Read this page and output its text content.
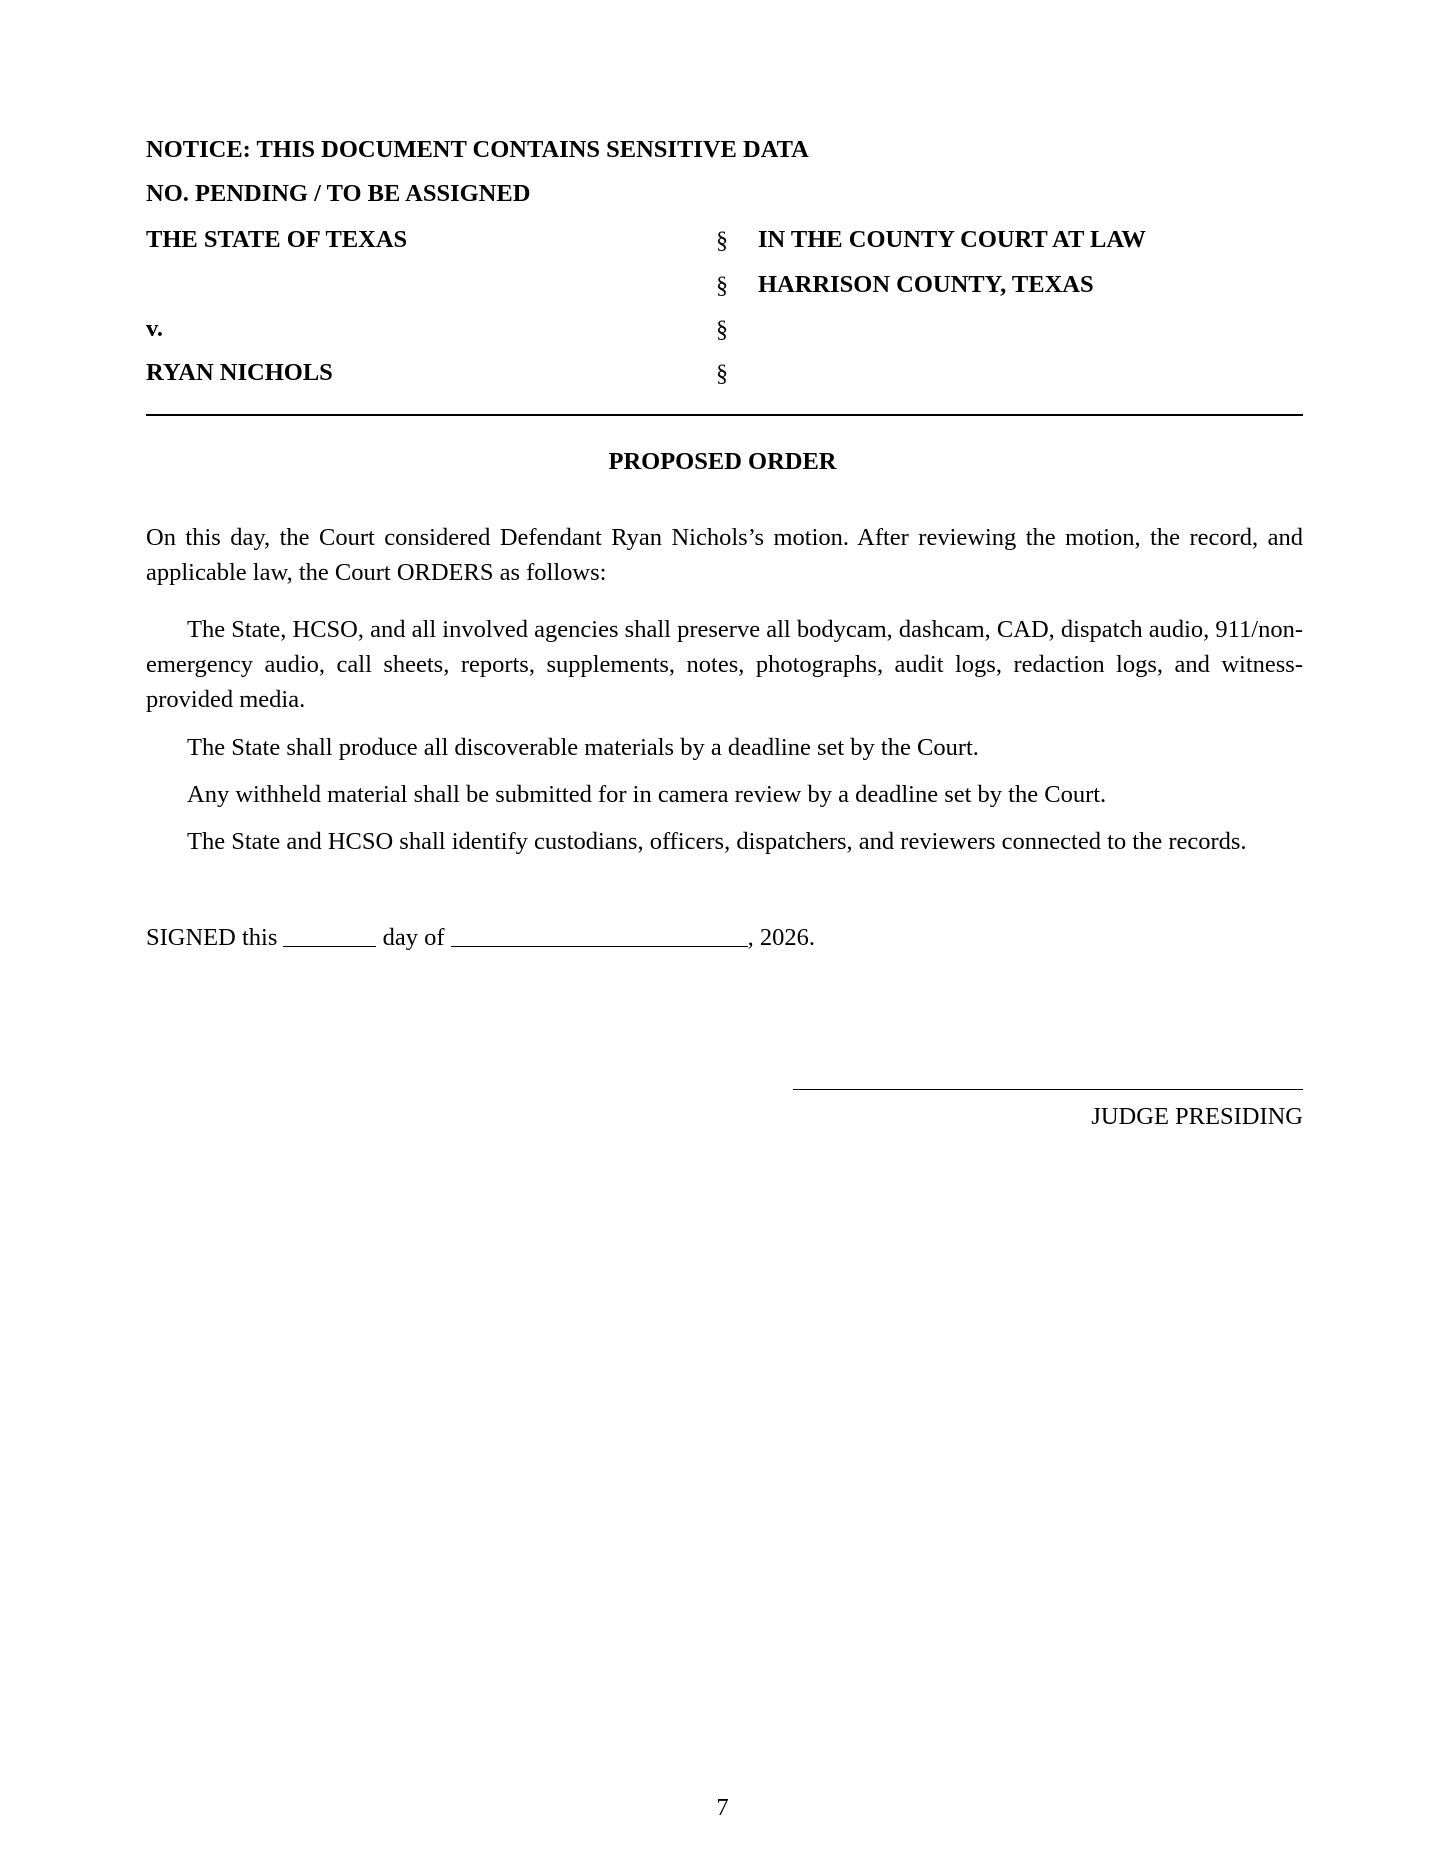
NOTICE: THIS DOCUMENT CONTAINS SENSITIVE DATA
NO. PENDING / TO BE ASSIGNED
THE STATE OF TEXAS
v.
RYAN NICHOLS
§
§
§
§
IN THE COUNTY COURT AT LAW
HARRISON COUNTY, TEXAS
PROPOSED ORDER

On this day, the Court considered Defendant Ryan Nichols’s motion. After reviewing the motion, the record, and applicable law, the Court ORDERS as follows:

The State, HCSO, and all involved agencies shall preserve all bodycam, dashcam, CAD, dispatch audio, 911/non-emergency audio, call sheets, reports, supplements, notes, photographs, audit logs, redaction logs, and witness-provided media.

The State shall produce all discoverable materials by a deadline set by the Court.

Any withheld material shall be submitted for in camera review by a deadline set by the Court.

The State and HCSO shall identify custodians, officers, dispatchers, and reviewers connected to the records.

SIGNED this	day of	, 2026.
JUDGE PRESIDING
7
